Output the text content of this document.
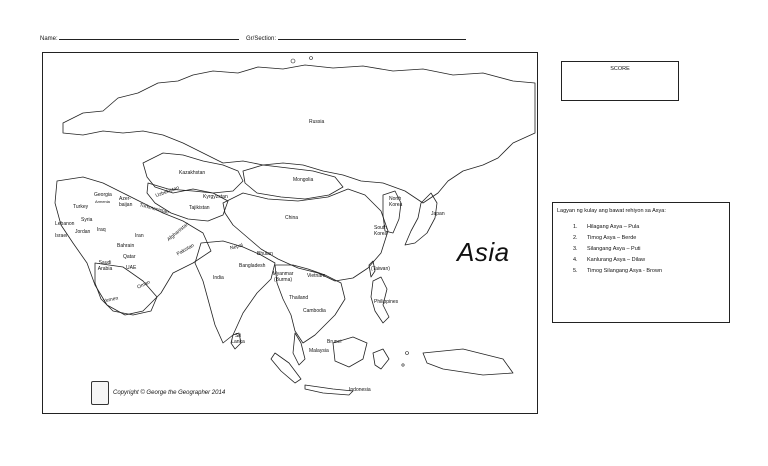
Name:	Gr/Section:
Russia
Kazakhstan
Mongolia
China
North Korea
South Korea
Japan
(Taiwan)
Philippines
Georgia
Armenia Azer- baijan
Turkey
Uzbekistan
Turkmenistan
Kyrgyzstan
Tajikistan
Syria
Lebanon
Israel
Jordan Iraq
Iran	Afghanistan
Pakistan
Bahrain
Qatar
UAE
Saudi Arabia
Yemen
Oman
Nepal
Bhutan
Bangladesh
India
Myanmar (Burma)
Vietnam
Thailand
Cambodia
Sri Lanka	Brunei
Malaysia
Indonesia
Asia
Copyright © George the Geographer 2014
SCORE
Lagyan ng kulay ang bawat rehiyon sa Asya:
1. Hilagang Asya – Pula
2. Timog Asya – Berde
3. Silangang Asya – Puti
4. Kanlurang Asya – Dilaw
5. Timog Silangang Asya - Brown
